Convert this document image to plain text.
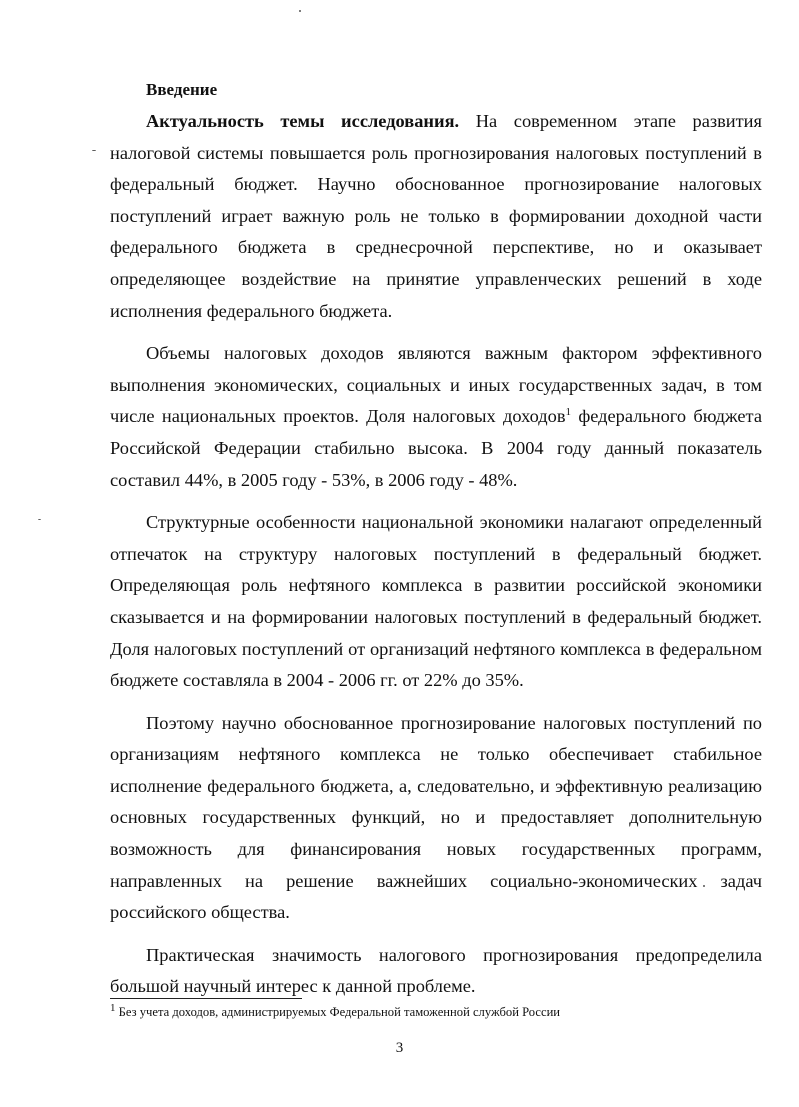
Введение

Актуальность темы исследования. На современном этапе развития налоговой системы повышается роль прогнозирования налоговых поступлений в федеральный бюджет. Научно обоснованное прогнозирование налоговых поступлений играет важную роль не только в формировании доходной части федерального бюджета в среднесрочной перспективе, но и оказывает определяющее воздействие на принятие управленческих решений в ходе исполнения федерального бюджета.

Объемы налоговых доходов являются важным фактором эффективного выполнения экономических, социальных и иных государственных задач, в том числе национальных проектов. Доля налоговых доходов$^1$ федерального бюджета Российской Федерации стабильно высока. В 2004 году данный показатель составил 44%, в 2005 году - 53%, в 2006 году - 48%.

Структурные особенности национальной экономики налагают определенный отпечаток на структуру налоговых поступлений в федеральный бюджет. Определяющая роль нефтяного комплекса в развитии российской экономики сказывается и на формировании налоговых поступлений в федеральный бюджет. Доля налоговых поступлений от организаций нефтяного комплекса в федеральном бюджете составляла в 2004 - 2006 гг. от 22% до 35%.

Поэтому научно обоснованное прогнозирование налоговых поступлений по организациям нефтяного комплекса не только обеспечивает стабильное исполнение федерального бюджета, а, следовательно, и эффективную реализацию основных государственных функций, но и предоставляет дополнительную возможность для финансирования новых государственных программ, направленных на решение важнейших социально-экономических задач российского общества.

Практическая значимость налогового прогнозирования предопределила большой научный интерес к данной проблеме.

$^1$ Без учета доходов, администрируемых Федеральной таможенной службой России

3
